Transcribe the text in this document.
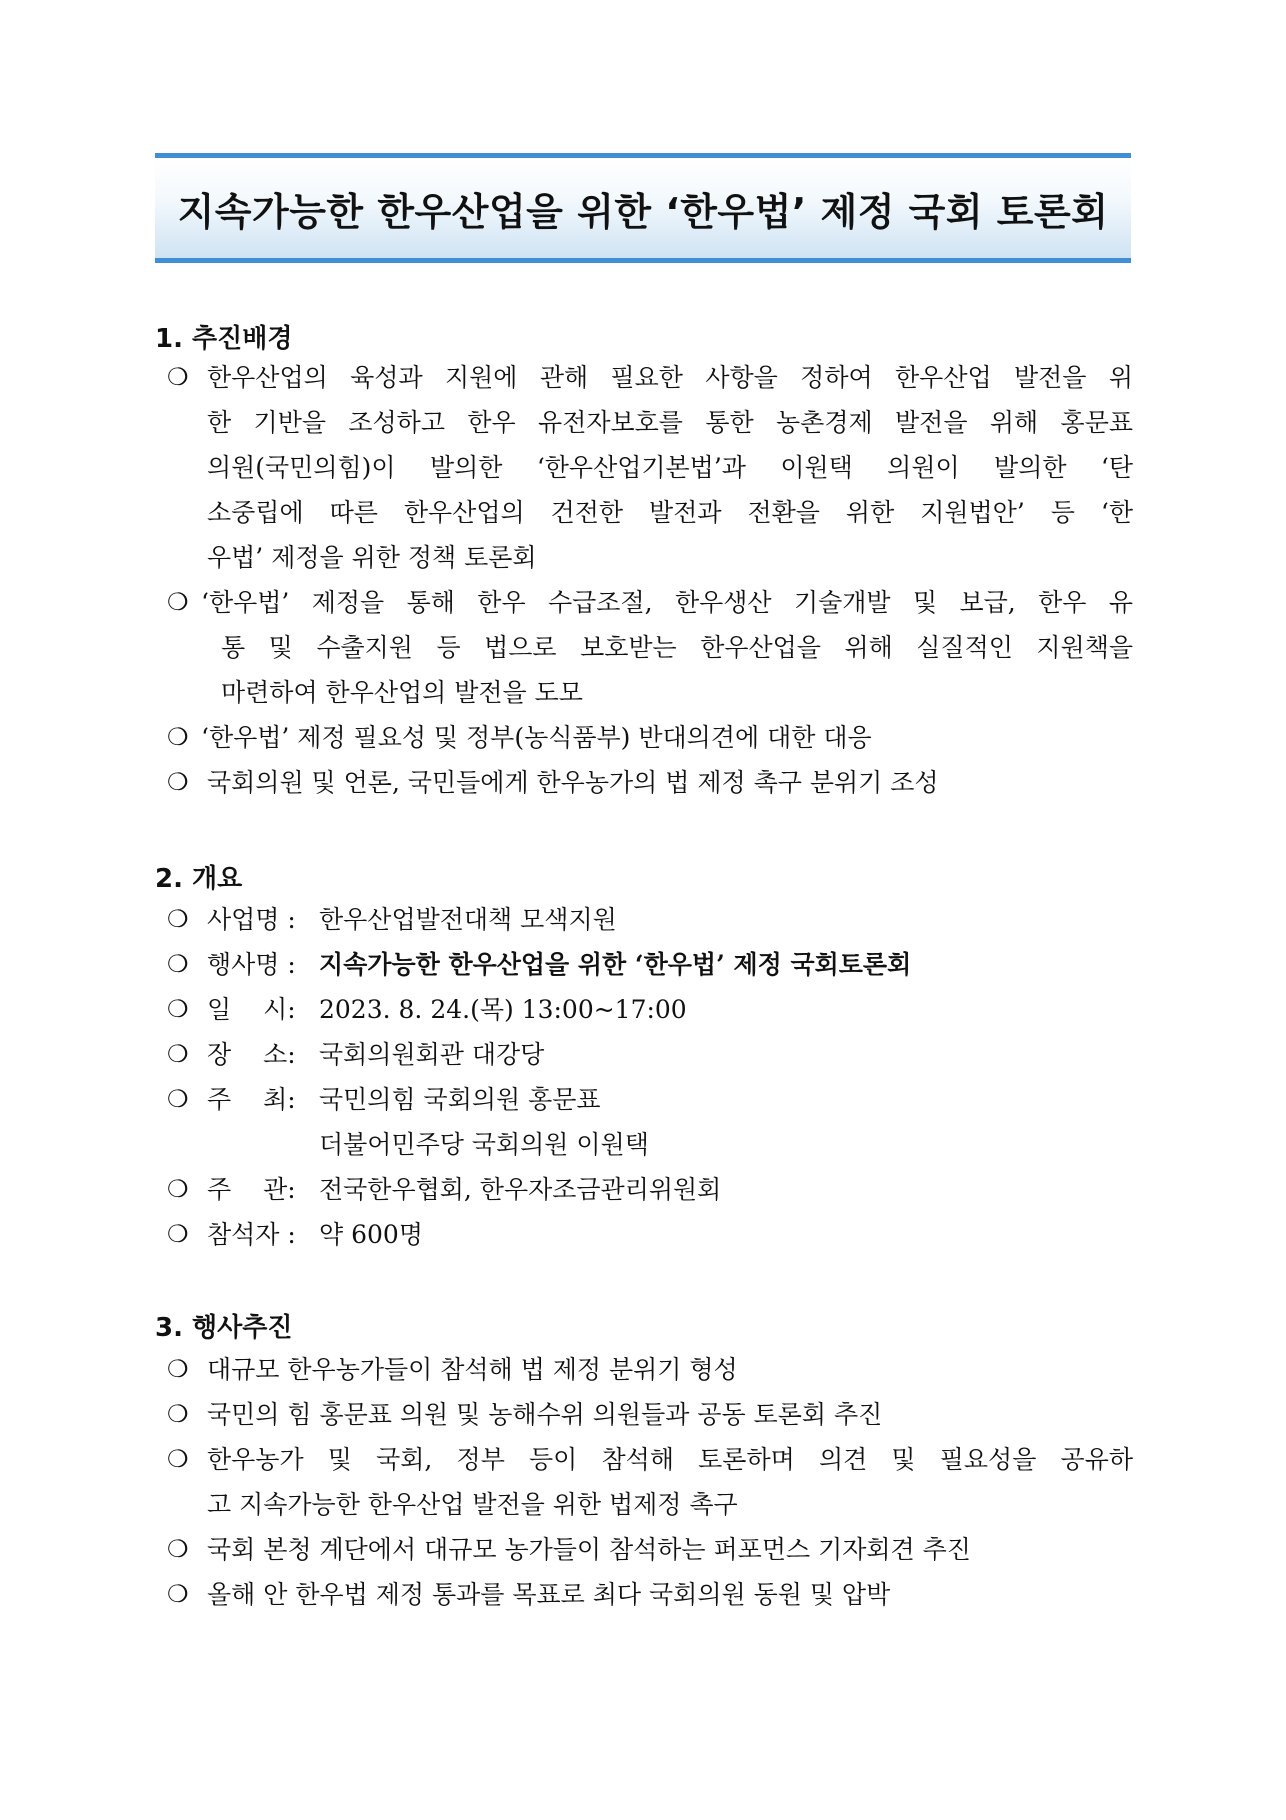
지속가능한 한우산업을 위한 ‘한우법’ 제정 국회 토론회
1. 추진배경
❍ 한우산업의 육성과 지원에 관해 필요한 사항을 정하여 한우산업 발전을 위
한 기반을 조성하고 한우 유전자보호를 통한 농촌경제 발전을 위해 홍문표
의원(국민의힘)이 발의한 ‘한우산업기본법’과 이원택 의원이 발의한 ‘탄
소중립에 따른 한우산업의 건전한 발전과 전환을 위한 지원법안’ 등 ‘한
우법’ 제정을 위한 정책 토론회
❍ ‘한우법’ 제정을 통해 한우 수급조절, 한우생산 기술개발 및 보급, 한우 유
통 및 수출지원 등 법으로 보호받는 한우산업을 위해 실질적인 지원책을
마련하여 한우산업의 발전을 도모
❍ ‘한우법’ 제정 필요성 및 정부(농식품부) 반대의견에 대한 대응
❍ 국회의원 및 언론, 국민들에게 한우농가의 법 제정 촉구 분위기 조성
2. 개요
❍ 사업명 : 한우산업발전대책 모색지원
❍ 행사명 : 지속가능한 한우산업을 위한 ‘한우법’ 제정 국회토론회
❍ 일 시: 2023. 8. 24.(목) 13:00~17:00
❍ 장 소: 국회의원회관 대강당
❍ 주 최: 국민의힘 국회의원 홍문표
더불어민주당 국회의원 이원택
❍ 주 관: 전국한우협회, 한우자조금관리위원회
❍ 참석자 : 약 600명
3. 행사추진
❍ 대규모 한우농가들이 참석해 법 제정 분위기 형성
❍ 국민의 힘 홍문표 의원 및 농해수위 의원들과 공동 토론회 추진
❍ 한우농가 및 국회, 정부 등이 참석해 토론하며 의견 및 필요성을 공유하
고 지속가능한 한우산업 발전을 위한 법제정 촉구
❍ 국회 본청 계단에서 대규모 농가들이 참석하는 퍼포먼스 기자회견 추진
❍ 올해 안 한우법 제정 통과를 목표로 최다 국회의원 동원 및 압박
